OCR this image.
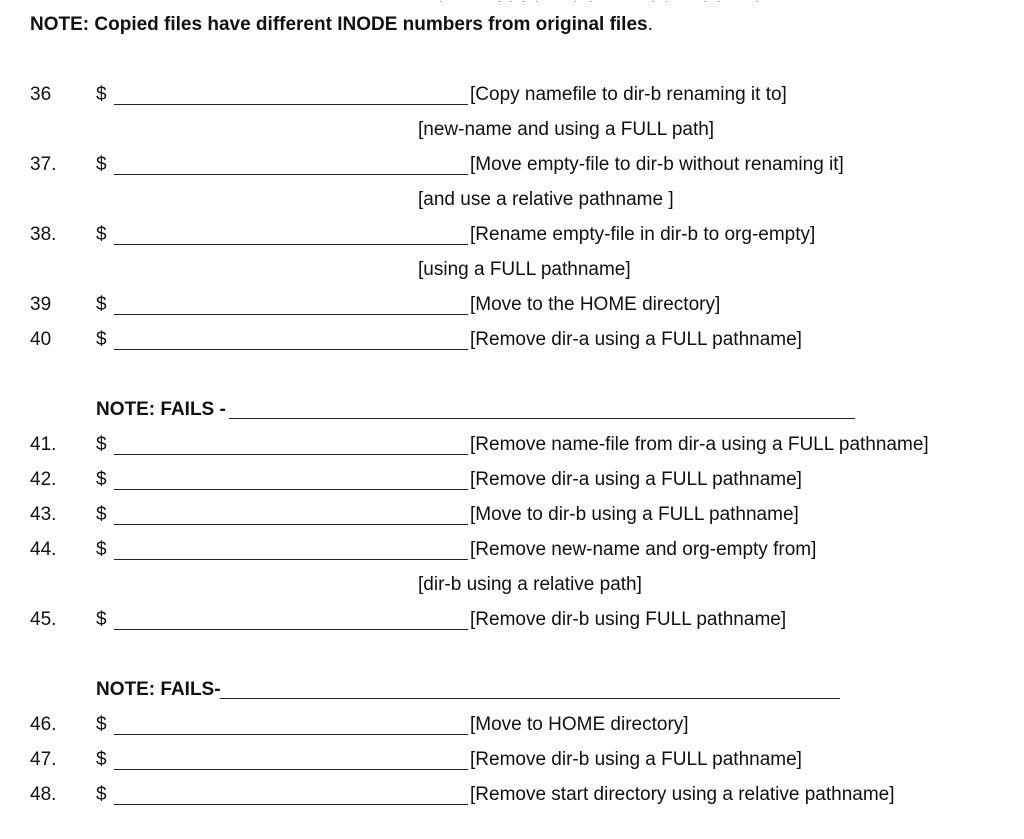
NOTE: Copied files have different INODE numbers from original files.
36	$	[Copy namefile to dir-b renaming it to]
[new-name and using a FULL path]
37.	$	[Move empty-file to dir-b without renaming it]
[and use a relative pathname ]
38.	$	[Rename empty-file in dir-b to org-empty]
[using a FULL pathname]
39	$	[Move to the HOME directory]
40	$	[Remove dir-a using a FULL pathname]
NOTE: FAILS -
41.	$	[Remove name-file from dir-a using a FULL pathname]
42.	$	[Remove dir-a using a FULL pathname]
43.	$	[Move to dir-b using a FULL pathname]
44.	$	[Remove new-name and org-empty from]
[dir-b using a relative path]
45.	$	[Remove dir-b using FULL pathname]
NOTE: FAILS-
46.	$	[Move to HOME directory]
47.	$	[Remove dir-b using a FULL pathname]
48.	$	[Remove start directory using a relative pathname]
